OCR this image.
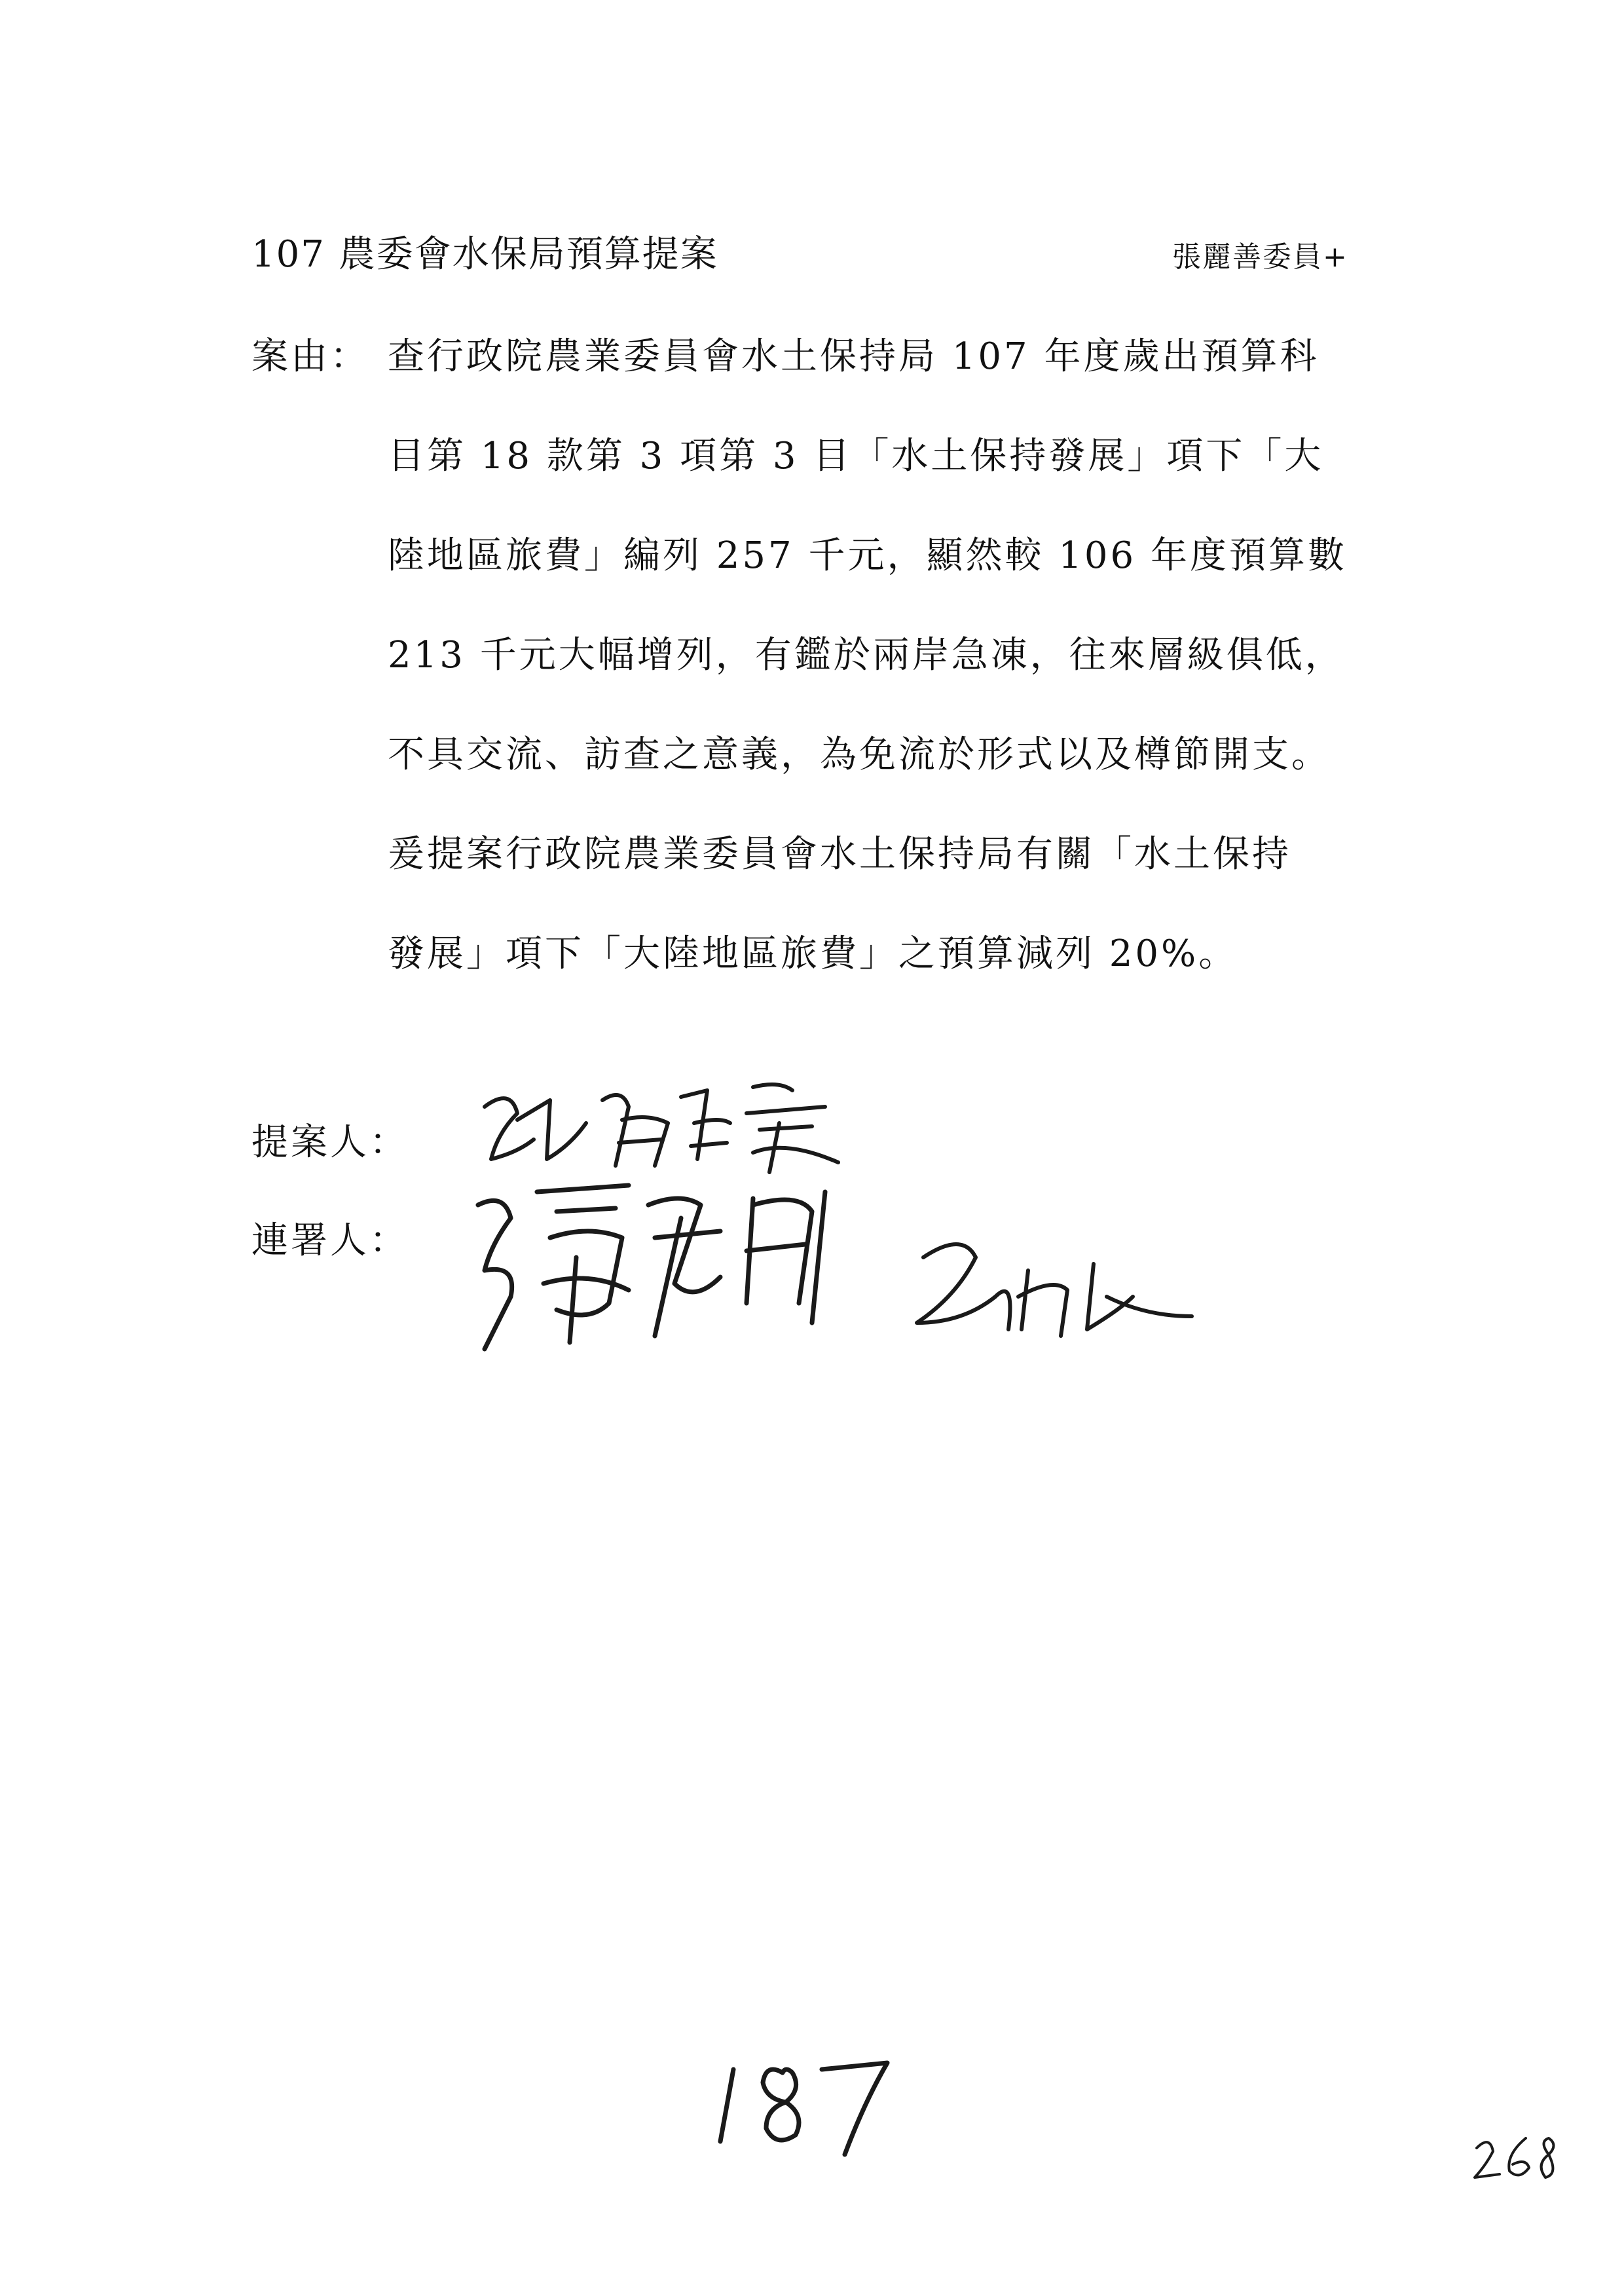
107 農委會水保局預算提案	張麗善委員+
案由： 查行政院農業委員會水土保持局 107 年度歲出預算科
目第 18 款第 3 項第 3 目「水土保持發展」項下「大
陸地區旅費」編列 257 千元，顯然較 106 年度預算數
213 千元大幅增列，有鑑於兩岸急凍，往來層級俱低，
不具交流、訪查之意義，為免流於形式以及樽節開支。
爰提案行政院農業委員會水土保持局有關「水土保持
發展」項下「大陸地區旅費」之預算減列 20%。
提案人：
連署人：
